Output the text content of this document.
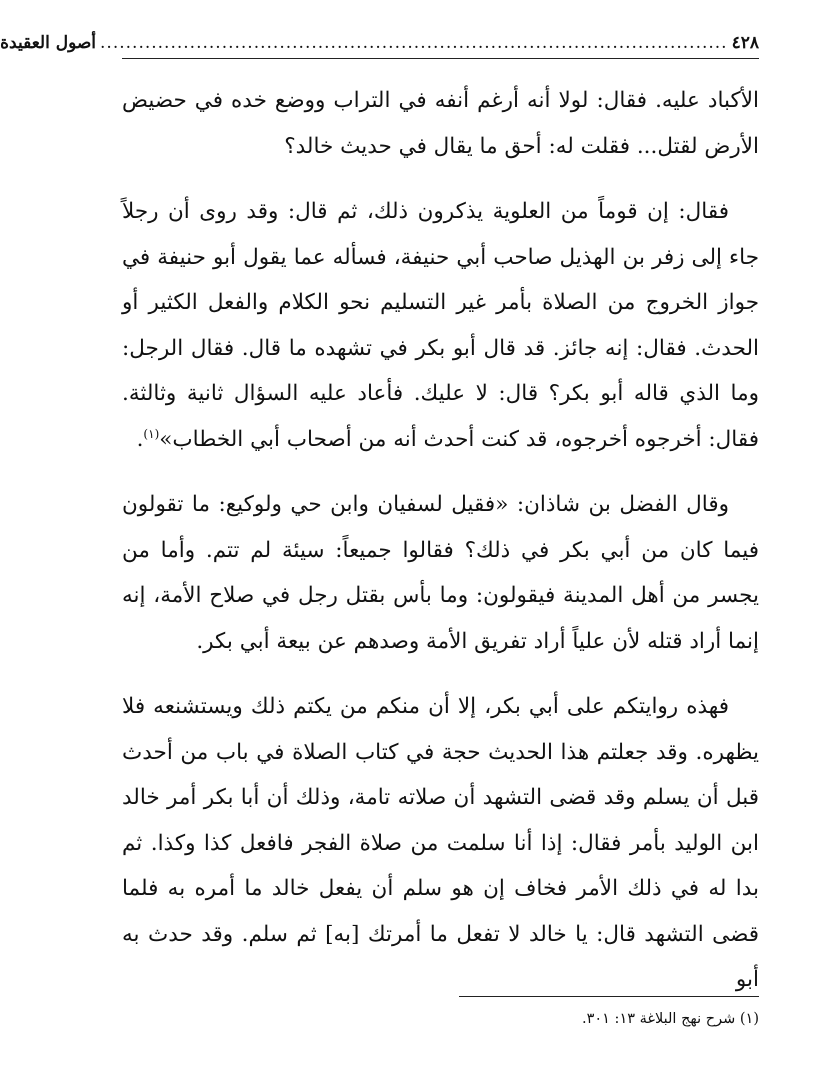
٤٢٨
..................................................................................................
أصول العقيدة

الأكباد عليه. فقال: لولا أنه أرغم أنفه في التراب ووضع خده في حضيض الأرض لقتل... فقلت له: أحق ما يقال في حديث خالد؟

فقال: إن قوماً من العلوية يذكرون ذلك، ثم قال: وقد روى أن رجلاً جاء إلى زفر بن الهذيل صاحب أبي حنيفة، فسأله عما يقول أبو حنيفة في جواز الخروج من الصلاة بأمر غير التسليم نحو الكلام والفعل الكثير أو الحدث. فقال: إنه جائز. قد قال أبو بكر في تشهده ما قال. فقال الرجل: وما الذي قاله أبو بكر؟ قال: لا عليك. فأعاد عليه السؤال ثانية وثالثة. فقال: أخرجوه أخرجوه، قد كنت أحدث أنه من أصحاب أبي الخطاب»$^{(١)}$.

وقال الفضل بن شاذان: «فقيل لسفيان وابن حي ولوكيع: ما تقولون فيما كان من أبي بكر في ذلك؟ فقالوا جميعاً: سيئة لم تتم. وأما من يجسر من أهل المدينة فيقولون: وما بأس بقتل رجل في صلاح الأمة، إنه إنما أراد قتله لأن علياً أراد تفريق الأمة وصدهم عن بيعة أبي بكر.

فهذه روايتكم على أبي بكر، إلا أن منكم من يكتم ذلك ويستشنعه فلا يظهره. وقد جعلتم هذا الحديث حجة في كتاب الصلاة في باب من أحدث قبل أن يسلم وقد قضى التشهد أن صلاته تامة، وذلك أن أبا بكر أمر خالد ابن الوليد بأمر فقال: إذا أنا سلمت من صلاة الفجر فافعل كذا وكذا. ثم بدا له في ذلك الأمر فخاف إن هو سلم أن يفعل خالد ما أمره به فلما قضى التشهد قال: يا خالد لا تفعل ما أمرتك [به] ثم سلم. وقد حدث به أبو

(١) شرح نهج البلاغة ١٣: ٣٠١.
